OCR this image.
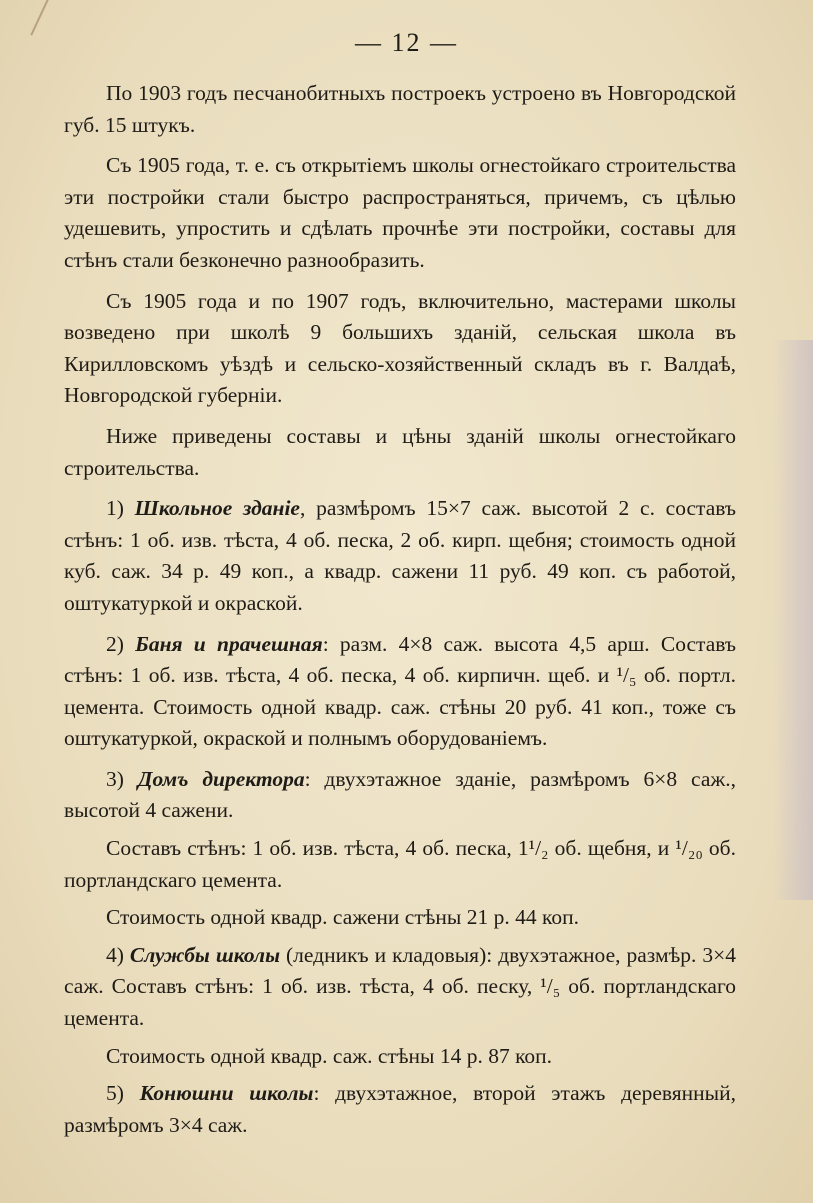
— 12 —

По 1903 годъ песчанобитныхъ построекъ устроено въ Новгородской губ. 15 штукъ.

Съ 1905 года, т. е. съ открытіемъ школы огнестойкаго строительства эти постройки стали быстро распространяться, причемъ, съ цѣлью удешевить, упростить и сдѣлать прочнѣе эти постройки, составы для стѣнъ стали безконечно разнообразить.

Съ 1905 года и по 1907 годъ, включительно, мастерами школы возведено при школѣ 9 большихъ зданій, сельская школа въ Кирилловскомъ уѣздѣ и сельско-хозяйственный складъ въ г. Валдаѣ, Новгородской губерніи.

Ниже приведены составы и цѣны зданій школы огнестойкаго строительства.

1) Школьное зданіе, размѣромъ 15×7 саж. высотой 2 с. составъ стѣнъ: 1 об. изв. тѣста, 4 об. песка, 2 об. кирп. щебня; стоимость одной куб. саж. 34 р. 49 коп., а квадр. сажени 11 руб. 49 коп. съ работой, оштукатуркой и окраской.

2) Баня и прачешная: разм. 4×8 саж. высота 4,5 арш. Составъ стѣнъ: 1 об. изв. тѣста, 4 об. песка, 4 об. кирпичн. щеб. и ¹/₅ об. портл. цемента. Стоимость одной квадр. саж. стѣны 20 руб. 41 коп., тоже съ оштукатуркой, окраской и полнымъ оборудованіемъ.

3) Домъ директора: двухэтажное зданіе, размѣромъ 6×8 саж., высотой 4 сажени.

Составъ стѣнъ: 1 об. изв. тѣста, 4 об. песка, 1¹/₂ об. щебня, и ¹/₂₀ об. портландскаго цемента.

Стоимость одной квадр. сажени стѣны 21 р. 44 коп.

4) Службы школы (ледникъ и кладовыя): двухэтажное, размѣр. 3×4 саж. Составъ стѣнъ: 1 об. изв. тѣста, 4 об. песку, ¹/₅ об. портландскаго цемента.

Стоимость одной квадр. саж. стѣны 14 р. 87 коп.

5) Конюшни школы: двухэтажное, второй этажъ деревянный, размѣромъ 3×4 саж.
